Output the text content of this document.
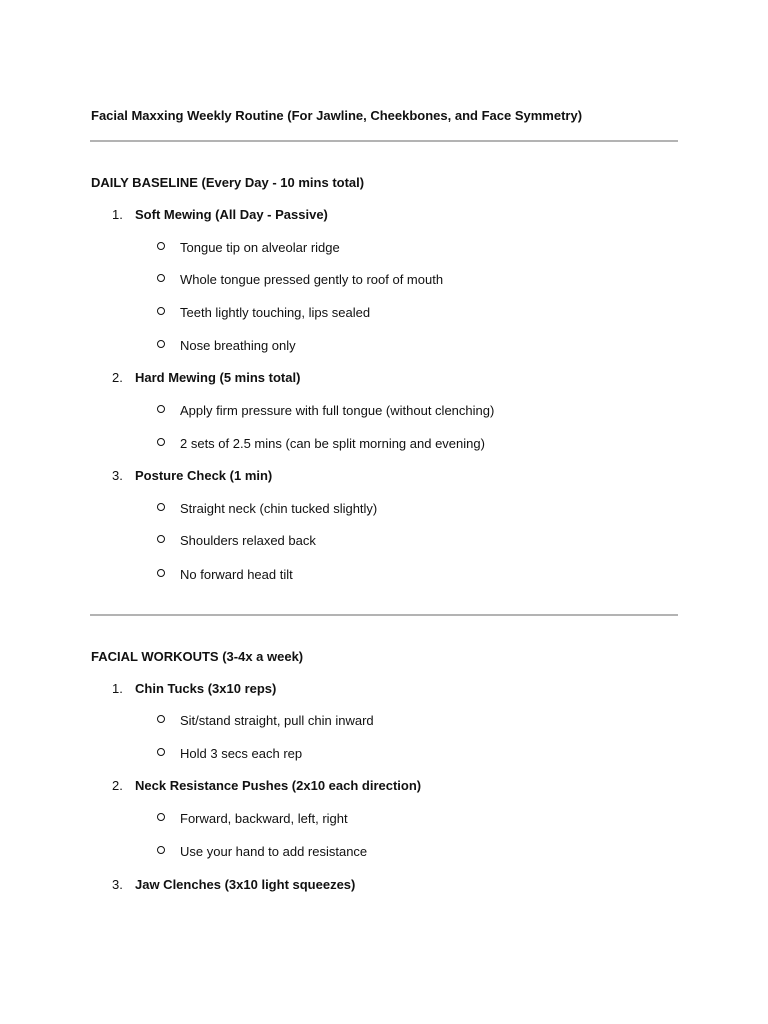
Facial Maxxing Weekly Routine (For Jawline, Cheekbones, and Face Symmetry)
DAILY BASELINE (Every Day - 10 mins total)
1. Soft Mewing (All Day - Passive)
Tongue tip on alveolar ridge
Whole tongue pressed gently to roof of mouth
Teeth lightly touching, lips sealed
Nose breathing only
2. Hard Mewing (5 mins total)
Apply firm pressure with full tongue (without clenching)
2 sets of 2.5 mins (can be split morning and evening)
3. Posture Check (1 min)
Straight neck (chin tucked slightly)
Shoulders relaxed back
No forward head tilt
FACIAL WORKOUTS (3-4x a week)
1. Chin Tucks (3x10 reps)
Sit/stand straight, pull chin inward
Hold 3 secs each rep
2. Neck Resistance Pushes (2x10 each direction)
Forward, backward, left, right
Use your hand to add resistance
3. Jaw Clenches (3x10 light squeezes)
